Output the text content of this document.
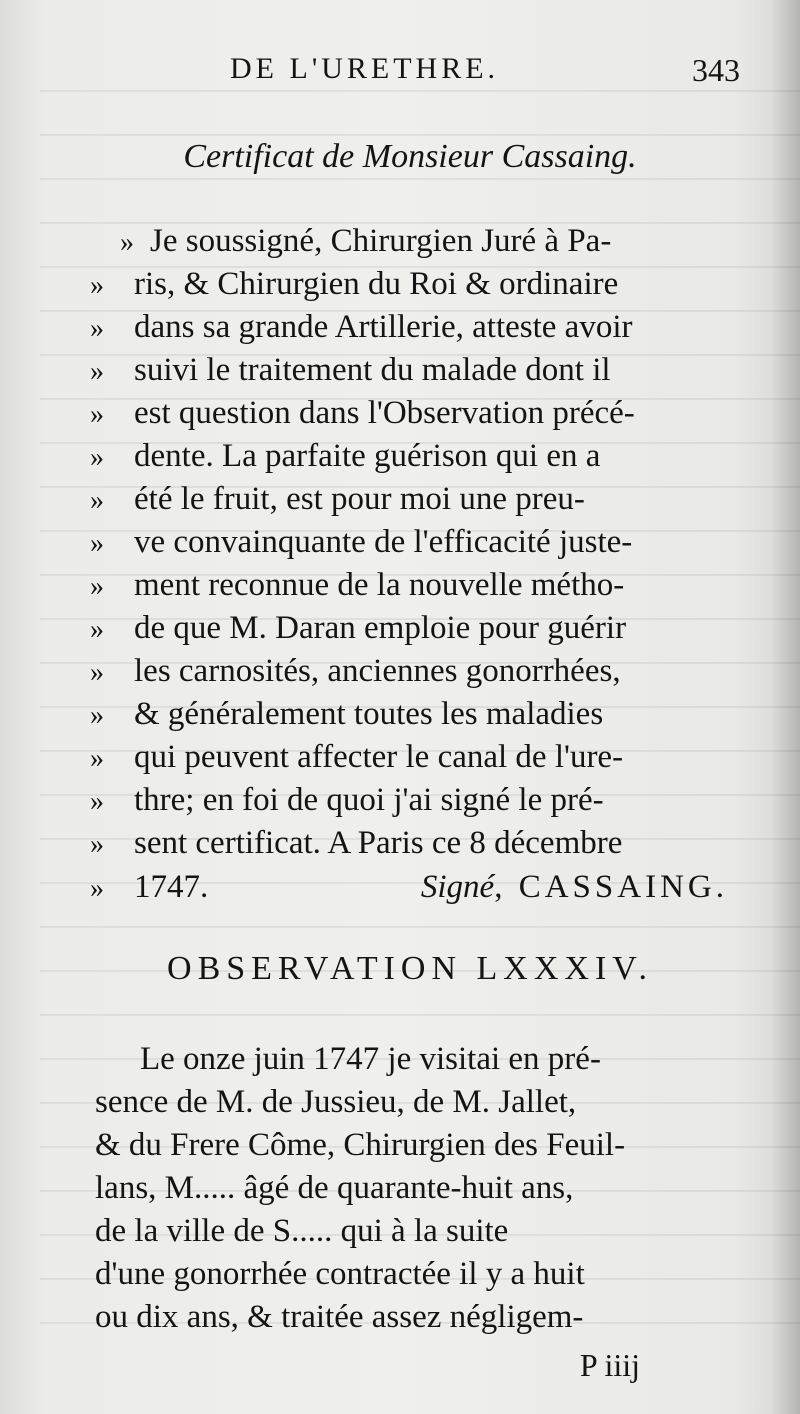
DE L'URETHRE.	343
Certificat de Monsieur Cassaing.
» Je soussigné, Chirurgien Juré à Pa-
» ris, & Chirurgien du Roi & ordinaire
» dans sa grande Artillerie, atteste avoir
» suivi le traitement du malade dont il
» est question dans l'Observation précé-
» dente. La parfaite guérison qui en a
» été le fruit, est pour moi une preu-
» ve convainquante de l'efficacité juste-
» ment reconnue de la nouvelle métho-
» de que M. Daran emploie pour guérir
» les carnosités, anciennes gonorrhées,
» & généralement toutes les maladies
» qui peuvent affecter le canal de l'ure-
» thre; en foi de quoi j'ai signé le pré-
» sent certificat. A Paris ce 8 décembre
» 1747.	Signé, CASSAING.
OBSERVATION LXXXIV.
Le onze juin 1747 je visitai en pré-
sence de M. de Jussieu, de M. Jallet,
& du Frere Côme, Chirurgien des Feuil-
lans, M..... âgé de quarante-huit ans,
de la ville de S..... qui à la suite
d'une gonorrhée contractée il y a huit
ou dix ans, & traitée assez négligem-
P iiij
